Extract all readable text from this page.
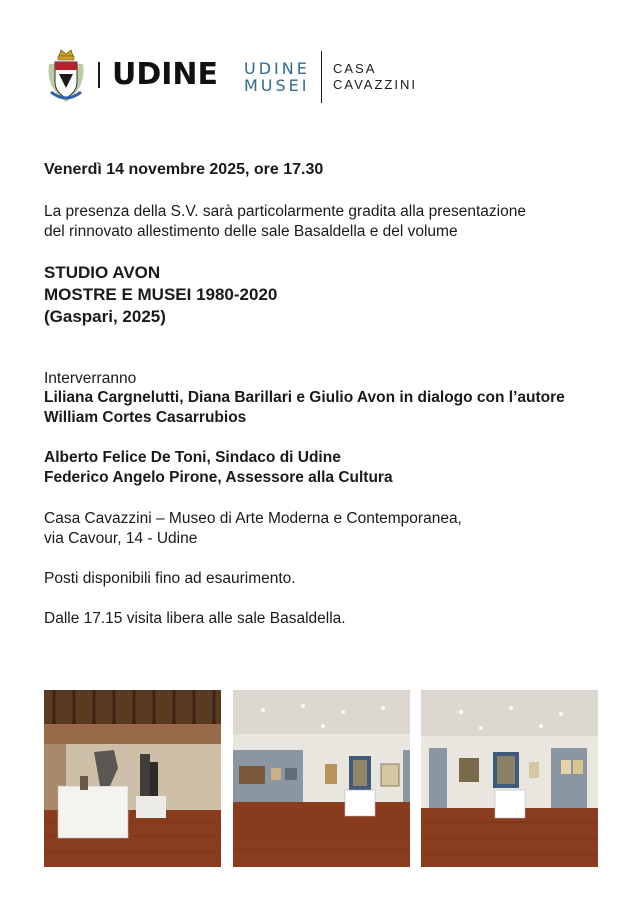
UDINE UDINE
MUSEI
CASA
CAVAZZINI
Venerdì 14 novembre 2025, ore 17.30
La presenza della S.V. sarà particolarmente gradita alla presentazione
del rinnovato allestimento delle sale Basaldella e del volume
STUDIO AVON
MOSTRE E MUSEI 1980-2020
(Gaspari, 2025)
Interverranno
Liliana Cargnelutti, Diana Barillari e Giulio Avon in dialogo con l’autore
William Cortes Casarrubios
Alberto Felice De Toni, Sindaco di Udine
Federico Angelo Pirone, Assessore alla Cultura
Casa Cavazzini – Museo di Arte Moderna e Contemporanea,
via Cavour, 14 - Udine
Posti disponibili fino ad esaurimento.
Dalle 17.15 visita libera alle sale Basaldella.
